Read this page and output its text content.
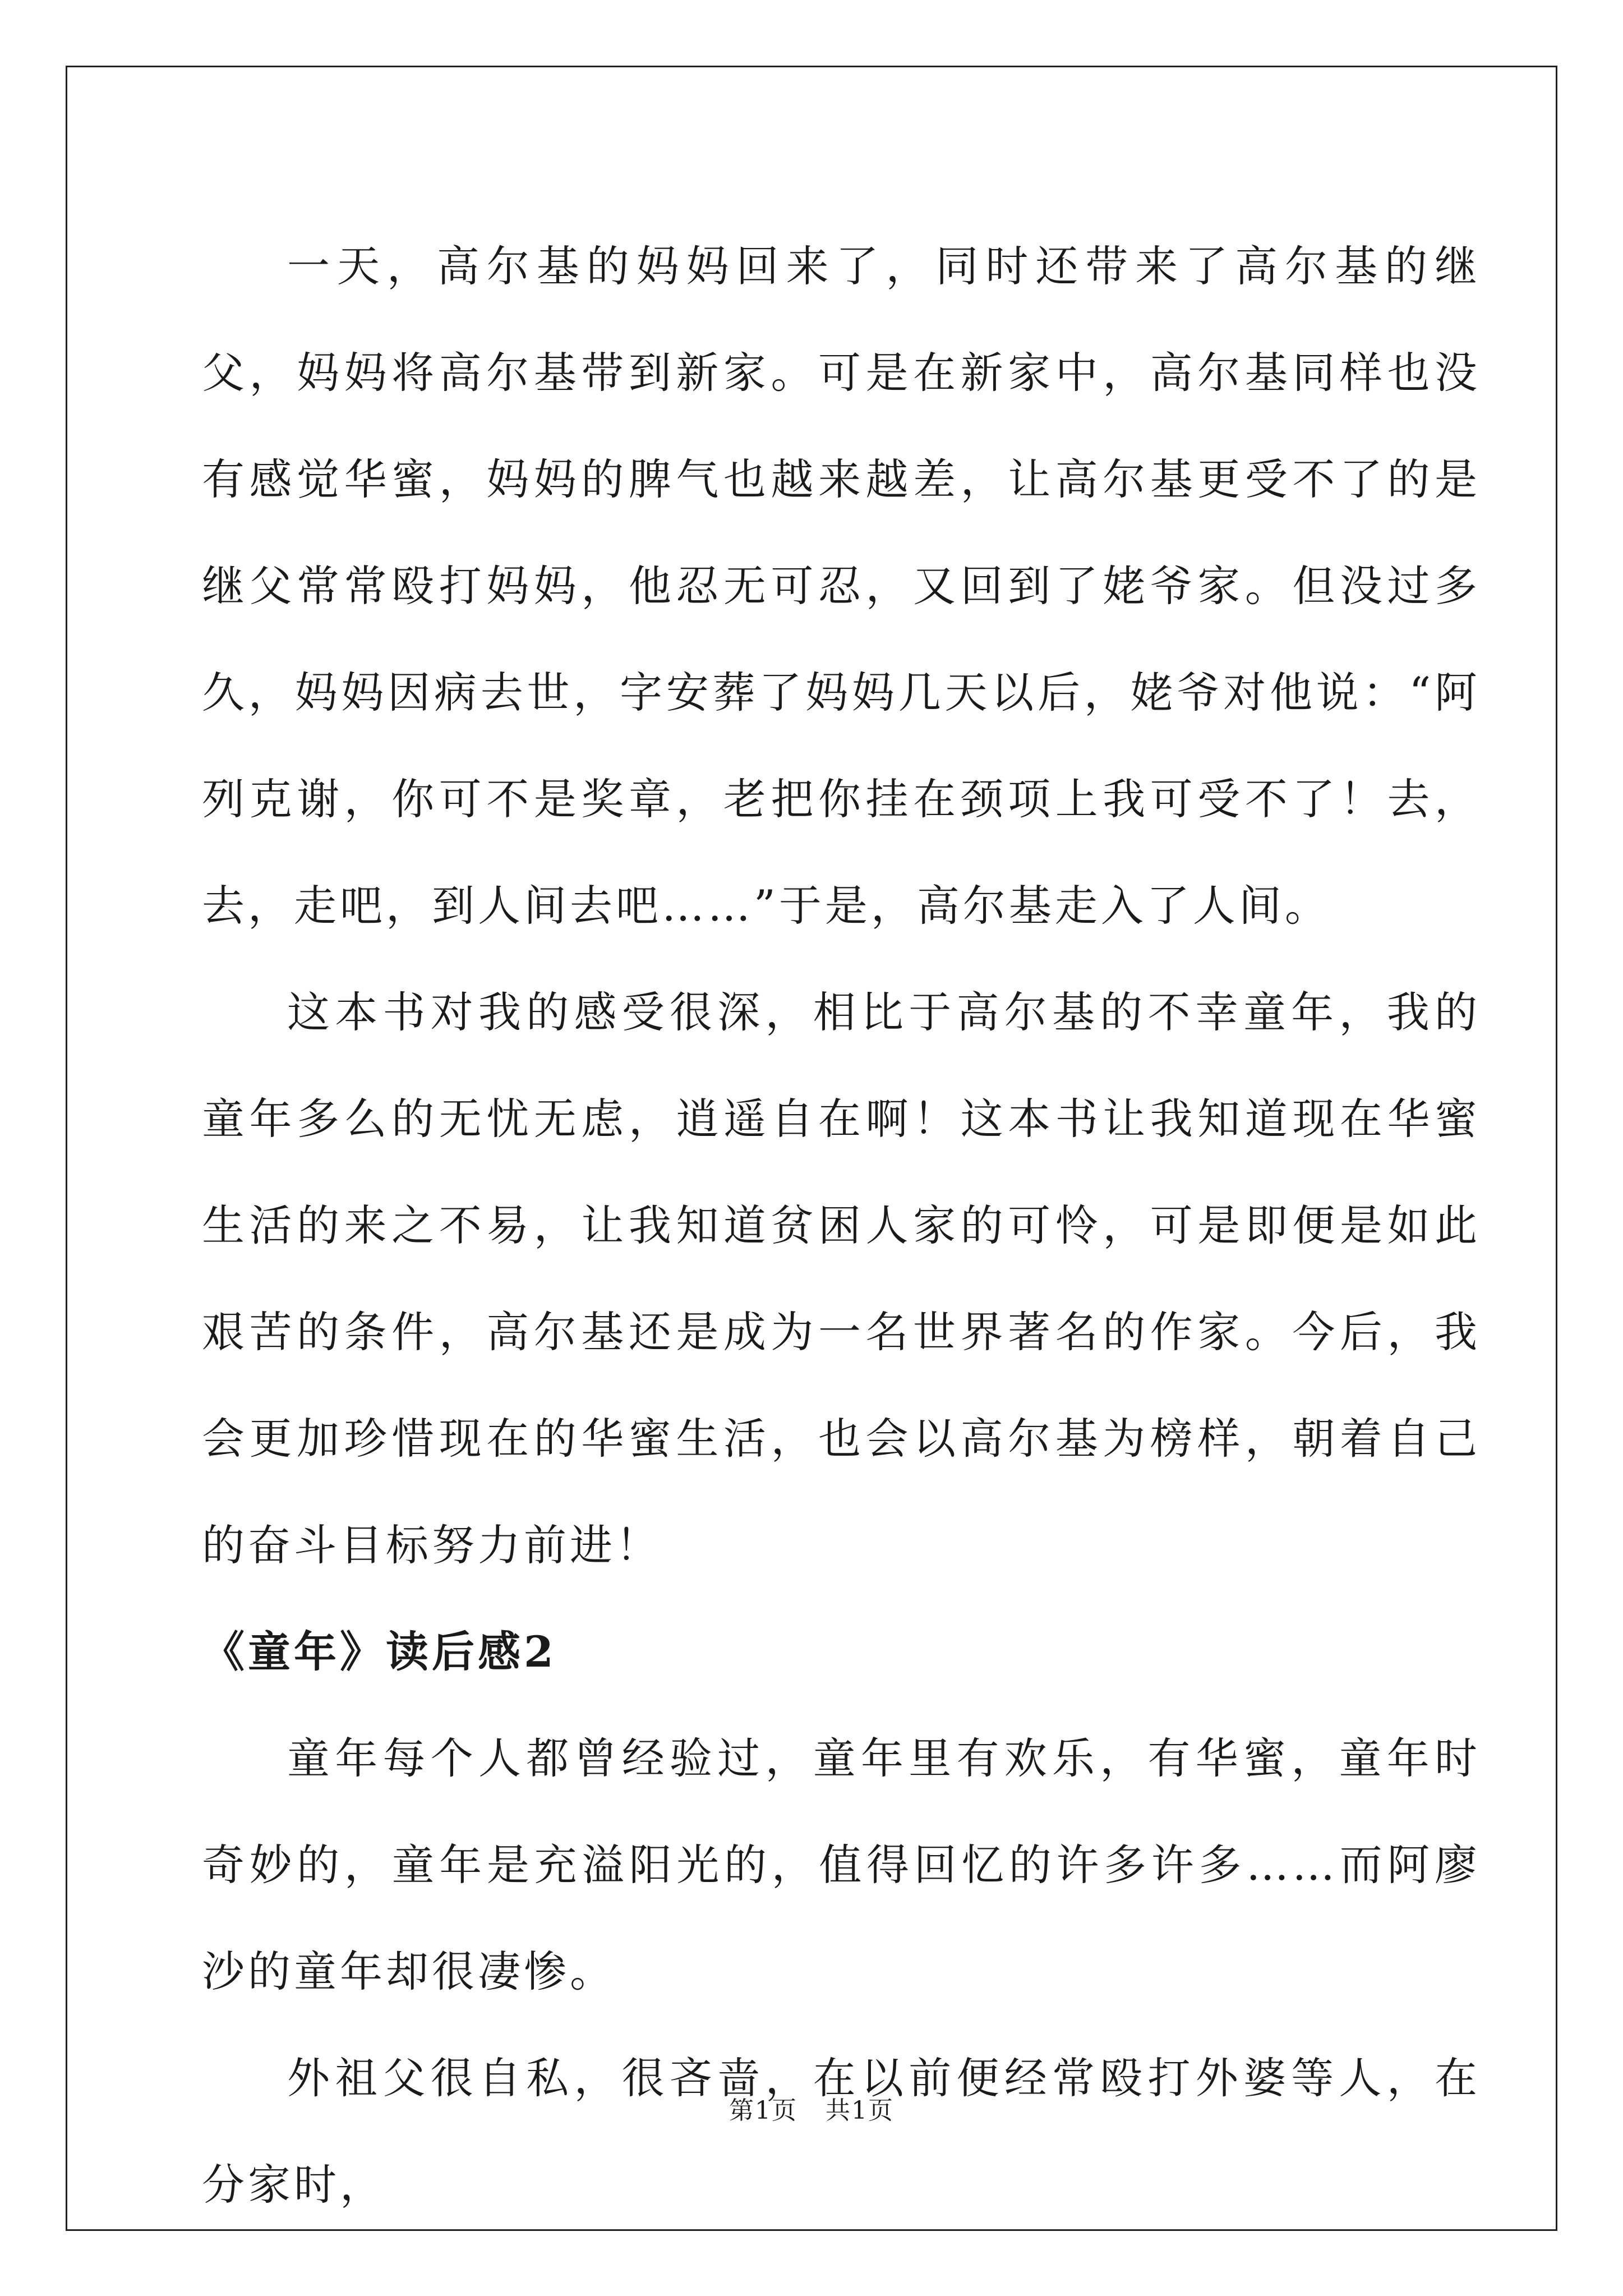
一天，高尔基的妈妈回来了，同时还带来了高尔基的继父，妈妈将高尔基带到新家。可是在新家中，高尔基同样也没有感觉华蜜，妈妈的脾气也越来越差，让高尔基更受不了的是继父常常殴打妈妈，他忍无可忍，又回到了姥爷家。但没过多久，妈妈因病去世，字安葬了妈妈几天以后，姥爷对他说：“阿列克谢，你可不是奖章，老把你挂在颈项上我可受不了！去，去，走吧，到人间去吧……”于是，高尔基走入了人间。

这本书对我的感受很深，相比于高尔基的不幸童年，我的童年多么的无忧无虑，逍遥自在啊！这本书让我知道现在华蜜生活的来之不易，让我知道贫困人家的可怜，可是即便是如此艰苦的条件，高尔基还是成为一名世界著名的作家。今后，我会更加珍惜现在的华蜜生活，也会以高尔基为榜样，朝着自己的奋斗目标努力前进！

《童年》读后感2

童年每个人都曾经验过，童年里有欢乐，有华蜜，童年时奇妙的，童年是充溢阳光的，值得回忆的许多许多……而阿廖沙的童年却很凄惨。

外祖父很自私，很吝啬，在以前便经常殴打外婆等人，在分家时，

第1页 共1页
